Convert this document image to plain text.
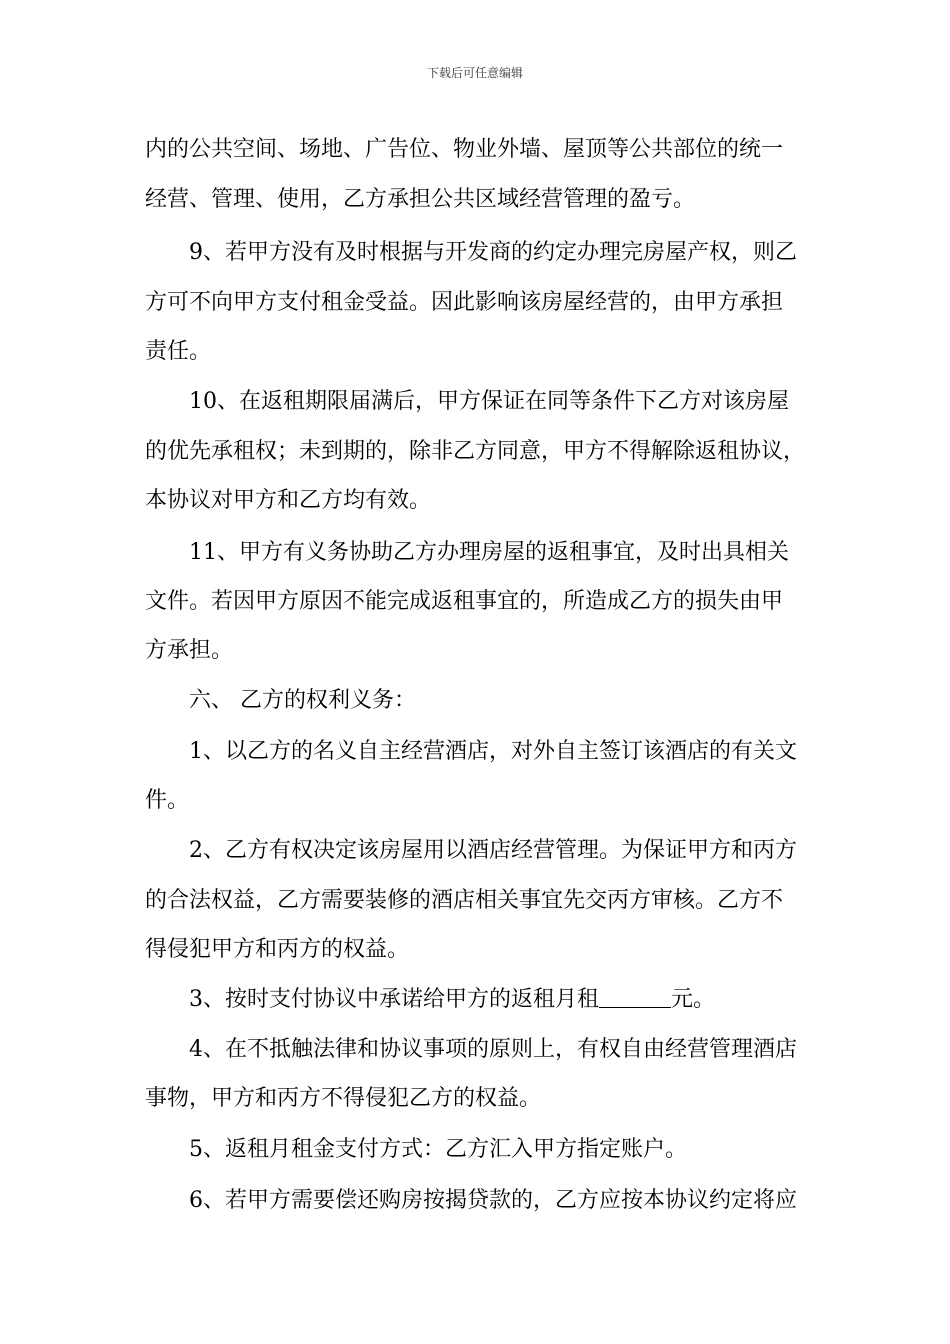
下载后可任意编辑
内的公共空间、场地、广告位、物业外墙、屋顶等公共部位的统一
经营、管理、使用，乙方承担公共区域经营管理的盈亏。
9、若甲方没有及时根据与开发商的约定办理完房屋产权，则乙
方可不向甲方支付租金受益。因此影响该房屋经营的，由甲方承担
责任。
10、在返租期限届满后，甲方保证在同等条件下乙方对该房屋
的优先承租权；未到期的，除非乙方同意，甲方不得解除返租协议，
本协议对甲方和乙方均有效。
11、甲方有义务协助乙方办理房屋的返租事宜，及时出具相关
文件。若因甲方原因不能完成返租事宜的，所造成乙方的损失由甲
方承担。
六、 乙方的权利义务：
1、以乙方的名义自主经营酒店，对外自主签订该酒店的有关文
件。
2、乙方有权决定该房屋用以酒店经营管理。为保证甲方和丙方
的合法权益，乙方需要装修的酒店相关事宜先交丙方审核。乙方不
得侵犯甲方和丙方的权益。
3、按时支付协议中承诺给甲方的返租月租	元。
4、在不抵触法律和协议事项的原则上，有权自由经营管理酒店
事物，甲方和丙方不得侵犯乙方的权益。
5、返租月租金支付方式：乙方汇入甲方指定账户。
6、若甲方需要偿还购房按揭贷款的，乙方应按本协议约定将应
